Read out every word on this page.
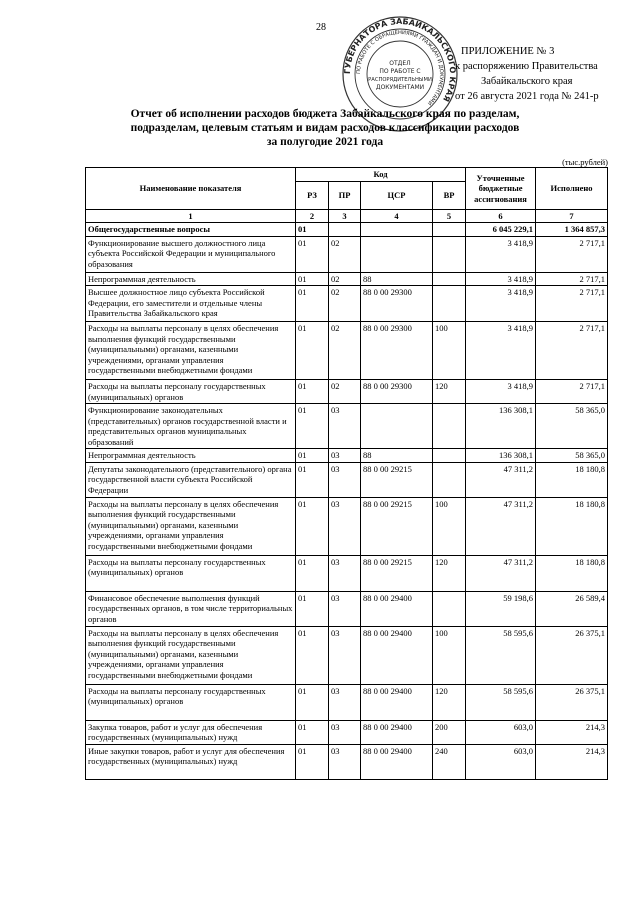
28
ГУБЕРНАТОРА ЗАБАЙКАЛЬСКОГО КРАЯ
ПО РАБОТЕ С ОБРАЩЕНИЯМИ ГРАЖДАН И ДОКУМЕНТАМИ
ОТДЕЛ
ПО РАБОТЕ С
РАСПОРЯДИТЕЛЬНЫМИ
ДОКУМЕНТАМИ
ПРИЛОЖЕНИЕ № 3
к распоряжению Правительства
Забайкальского края
от 26 августа 2021 года № 241-р
Отчет об исполнении расходов бюджета Забайкальского края по разделам,
подразделам, целевым статьям и видам расходов классификации расходов
за полугодие 2021 года
(тыс.рублей)
Наименование показателя	Код				Уточненные бюджетные ассигнования	Исполнено
	РЗ	ПР	ЦСР	ВР		
1	2	3	4	5	6	7
Общегосударственные вопросы	01				6 045 229,1	1 364 857,3
Функционирование высшего должностного лица субъекта Российской Федерации и муниципального образования	01	02			3 418,9	2 717,1
Непрограммная деятельность	01	02	88		3 418,9	2 717,1
Высшее должностное лицо субъекта Российской Федерации, его заместители и отдельные члены Правительства Забайкальского края	01	02	88 0 00 29300		3 418,9	2 717,1
Расходы на выплаты персоналу в целях обеспечения выполнения функций государственными (муниципальными) органами, казенными учреждениями, органами управления государственными внебюджетными фондами	01	02	88 0 00 29300	100	3 418,9	2 717,1
Расходы на выплаты персоналу государственных (муниципальных) органов	01	02	88 0 00 29300	120	3 418,9	2 717,1
Функционирование законодательных (представительных) органов государственной власти и представительных органов муниципальных образований	01	03			136 308,1	58 365,0
Непрограммная деятельность	01	03	88		136 308,1	58 365,0
Депутаты законодательного (представительного) органа государственной власти субъекта Российской Федерации	01	03	88 0 00 29215		47 311,2	18 180,8
Расходы на выплаты персоналу в целях обеспечения выполнения функций государственными (муниципальными) органами, казенными учреждениями, органами управления государственными внебюджетными фондами	01	03	88 0 00 29215	100	47 311,2	18 180,8
Расходы на выплаты персоналу государственных (муниципальных) органов	01	03	88 0 00 29215	120	47 311,2	18 180,8
Финансовое обеспечение выполнения функций государственных органов, в том числе территориальных органов	01	03	88 0 00 29400		59 198,6	26 589,4
Расходы на выплаты персоналу в целях обеспечения выполнения функций государственными (муниципальными) органами, казенными учреждениями, органами управления государственными внебюджетными фондами	01	03	88 0 00 29400	100	58 595,6	26 375,1
Расходы на выплаты персоналу государственных (муниципальных) органов	01	03	88 0 00 29400	120	58 595,6	26 375,1
Закупка товаров, работ и услуг для обеспечения государственных (муниципальных) нужд	01	03	88 0 00 29400	200	603,0	214,3
Иные закупки товаров, работ и услуг для обеспечения государственных (муниципальных) нужд	01	03	88 0 00 29400	240	603,0	214,3
